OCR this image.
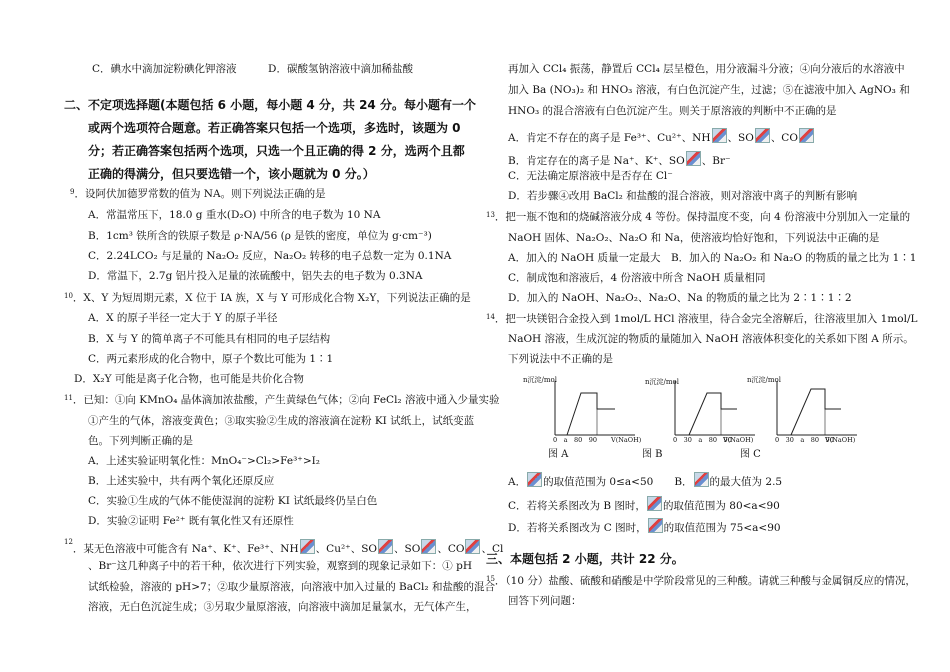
C．碘水中滴加淀粉碘化钾溶液　　　D．碳酸氢钠溶液中滴加稀盐酸
二、不定项选择题(本题包括 6 小题，每小题 4 分，共 24 分。每小题有一个
或两个选项符合题意。若正确答案只包括一个选项，多选时，该题为 0
分；若正确答案包括两个选项，只选一个且正确的得 2 分，选两个且都
正确的得满分，但只要选错一个，该小题就为 0 分。）
$^9$．设阿伏加德罗常数的值为 NA。则下列说法正确的是
A．常温常压下，18.0 g 重水(D₂O) 中所含的电子数为 10 NA
B．1cm³ 铁所含的铁原子数是 ρ·NA/56 (ρ 是铁的密度，单位为 g·cm⁻³)
C．2.24LCO₂ 与足量的 Na₂O₂ 反应，Na₂O₂ 转移的电子总数一定为 0.1NA
D．常温下，2.7g 铝片投入足量的浓硫酸中，铝失去的电子数为 0.3NA
$^{10}$．X、Y 为短周期元素，X 位于 IA 族，X 与 Y 可形成化合物 X₂Y，下列说法正确的是
A．X 的原子半径一定大于 Y 的原子半径
B．X 与 Y 的简单离子不可能具有相同的电子层结构
C．两元素形成的化合物中，原子个数比可能为 1∶1
D．X₂Y 可能是离子化合物，也可能是共价化合物
$^{11}$．已知：①向 KMnO₄ 晶体滴加浓盐酸，产生黄绿色气体；②向 FeCl₂ 溶液中通入少量实验
①产生的气体，溶液变黄色；③取实验②生成的溶液滴在淀粉 KI 试纸上，试纸变蓝
色。下列判断正确的是
A．上述实验证明氧化性：MnO₄⁻>Cl₂>Fe³⁺>I₂
B．上述实验中，共有两个氧化还原反应
C．实验①生成的气体不能使湿润的淀粉 KI 试纸最终仍呈白色
D．实验②证明 Fe²⁺ 既有氧化性又有还原性
$^{12}$．某无色溶液中可能含有 Na⁺、K⁺、Fe³⁺、NH 、Cu²⁺、SO 、SO 、CO 、Cl
、Br⁻这几种离子中的若干种，依次进行下列实验，观察到的现象记录如下：① pH
试纸检验，溶液的 pH>7；②取少量原溶液，向溶液中加入过量的 BaCl₂ 和盐酸的混合
溶液，无白色沉淀生成；③另取少量原溶液，向溶液中滴加足量氯水，无气体产生，
再加入 CCl₄ 振荡，静置后 CCl₄ 层呈橙色，用分液漏斗分液；④向分液后的水溶液中
加入 Ba (NO₃)₂ 和 HNO₃ 溶液，有白色沉淀产生，过滤；⑤在滤液中加入 AgNO₃ 和
HNO₃ 的混合溶液有白色沉淀产生。则关于原溶液的判断中不正确的是
A．肯定不存在的离子是 Fe³⁺、Cu²⁺、NH 、SO 、CO
B．肯定存在的离子是 Na⁺、K⁺、SO 、Br⁻
C．无法确定原溶液中是否存在 Cl⁻
D．若步骤④改用 BaCl₂ 和盐酸的混合溶液，则对溶液中离子的判断有影响
$^{13}$．把一瓶不饱和的烧碱溶液分成 4 等份。保持温度不变，向 4 份溶液中分别加入一定量的
NaOH 固体、Na₂O₂、Na₂O 和 Na，使溶液均恰好饱和，下列说法中正确的是
A．加入的 NaOH 质量一定最大　B．加入的 Na₂O₂ 和 Na₂O 的物质的量之比为 1∶1
C．制成饱和溶液后，4 份溶液中所含 NaOH 质量相同
D．加入的 NaOH、Na₂O₂、Na₂O、Na 的物质的量之比为 2∶1∶1∶2
$^{14}$．把一块镁铝合金投入到 1mol/L HCl 溶液里，待合金完全溶解后，往溶液里加入 1mol/L
NaOH 溶液，生成沉淀的物质的量随加入 NaOH 溶液体积变化的关系如下图 A 所示。
下列说法中不正确的是
n沉淀/mol	n沉淀/mol	n沉淀/mol
0　a　80　90 V(NaOH)	0　30　a　80　90
V(NaOH)	0　30　a　80　90
V(NaOH)
图 A	图 B	图 C
A． 的取值范围为 0≤a<50　　B． 的最大值为 2.5
C．若将关系图改为 B 图时， 的取值范围为 80<a<90
D．若将关系图改为 C 图时， 的取值范围为 75<a<90
三、本题包括 2 小题，共计 22 分。
$^{15}$．（10 分）盐酸、硫酸和硝酸是中学阶段常见的三种酸。请就三种酸与金属铜反应的情况，
回答下列问题：
